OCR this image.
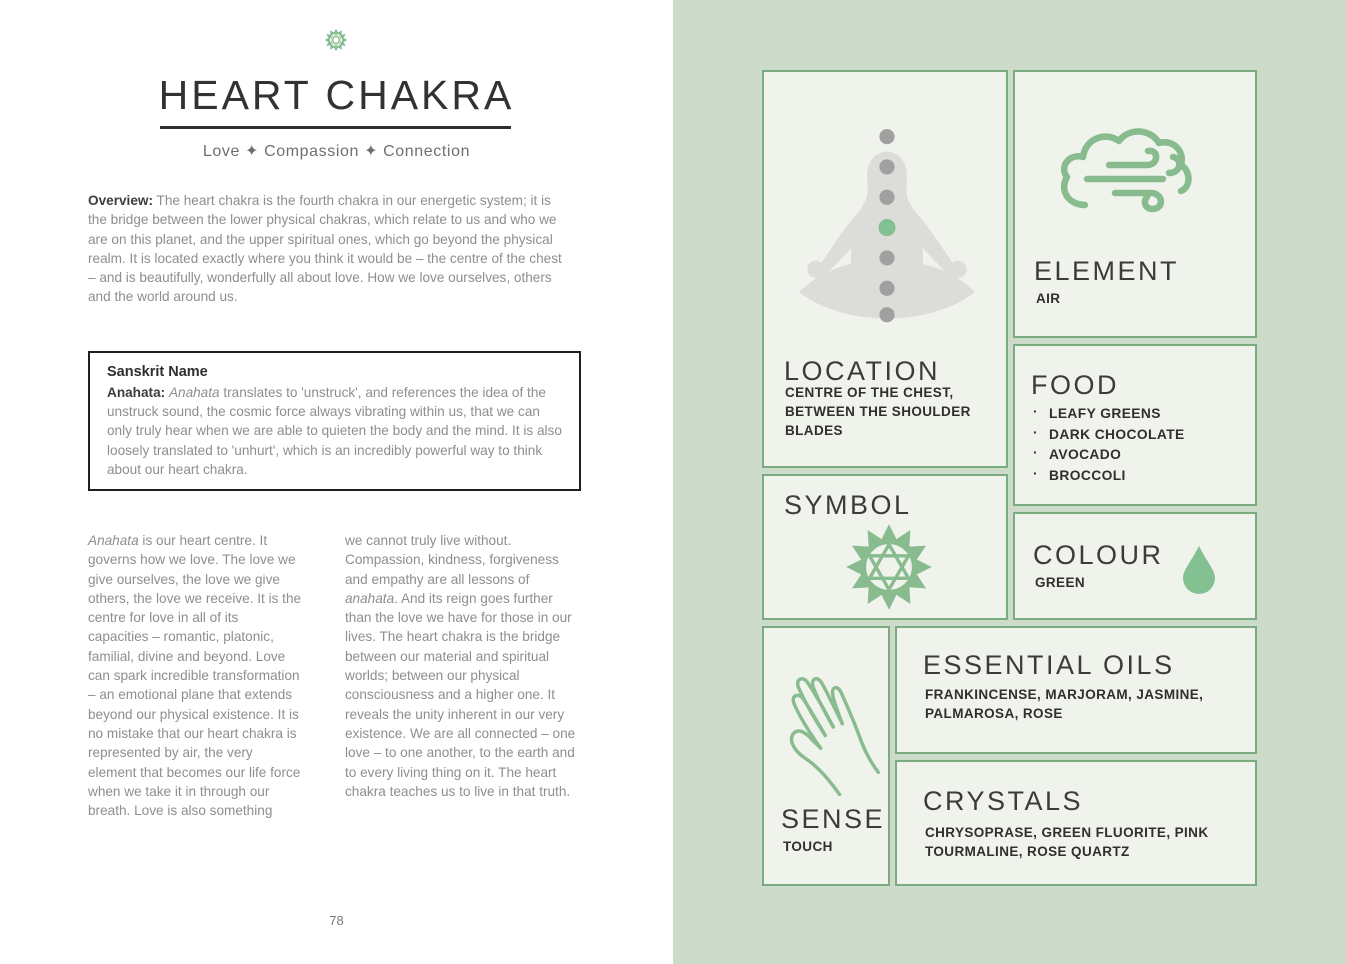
HEART CHAKRA
Love ✦ Compassion ✦ Connection

Overview: The heart chakra is the fourth chakra in our energetic system; it is the bridge between the lower physical chakras, which relate to us and who we are on this planet, and the upper spiritual ones, which go beyond the physical realm. It is located exactly where you think it would be – the centre of the chest – and is beautifully, wonderfully all about love. How we love ourselves, others and the world around us.

Sanskrit Name

Anahata: Anahata translates to 'unstruck', and references the idea of the unstruck sound, the cosmic force always vibrating within us, that we can only truly hear when we are able to quieten the body and the mind. It is also loosely translated to 'unhurt', which is an incredibly powerful way to think about our heart chakra.

Anahata is our heart centre. It governs how we love. The love we give ourselves, the love we give others, the love we receive. It is the centre for love in all of its capacities – romantic, platonic, familial, divine and beyond. Love can spark incredible transformation – an emotional plane that extends beyond our physical existence. It is no mistake that our heart chakra is represented by air, the very element that becomes our life force when we take it in through our breath. Love is also something

we cannot truly live without. Compassion, kindness, forgiveness and empathy are all lessons of anahata. And its reign goes further than the love we have for those in our lives. The heart chakra is the bridge between our material and spiritual worlds; between our physical consciousness and a higher one. It reveals the unity inherent in our very existence. We are all connected – one love – to one another, to the earth and to every living thing on it. The heart chakra teaches us to live in that truth.

78
LOCATION
CENTRE OF THE CHEST, BETWEEN THE SHOULDER BLADES
ELEMENT
AIR
FOOD
· LEAFY GREENS
· DARK CHOCOLATE
· AVOCADO
· BROCCOLI
SYMBOL
COLOUR
GREEN
SENSE
TOUCH
ESSENTIAL OILS
FRANKINCENSE, MARJORAM, JASMINE, PALMAROSA, ROSE
CRYSTALS
CHRYSOPRASE, GREEN FLUORITE, PINK TOURMALINE, ROSE QUARTZ
